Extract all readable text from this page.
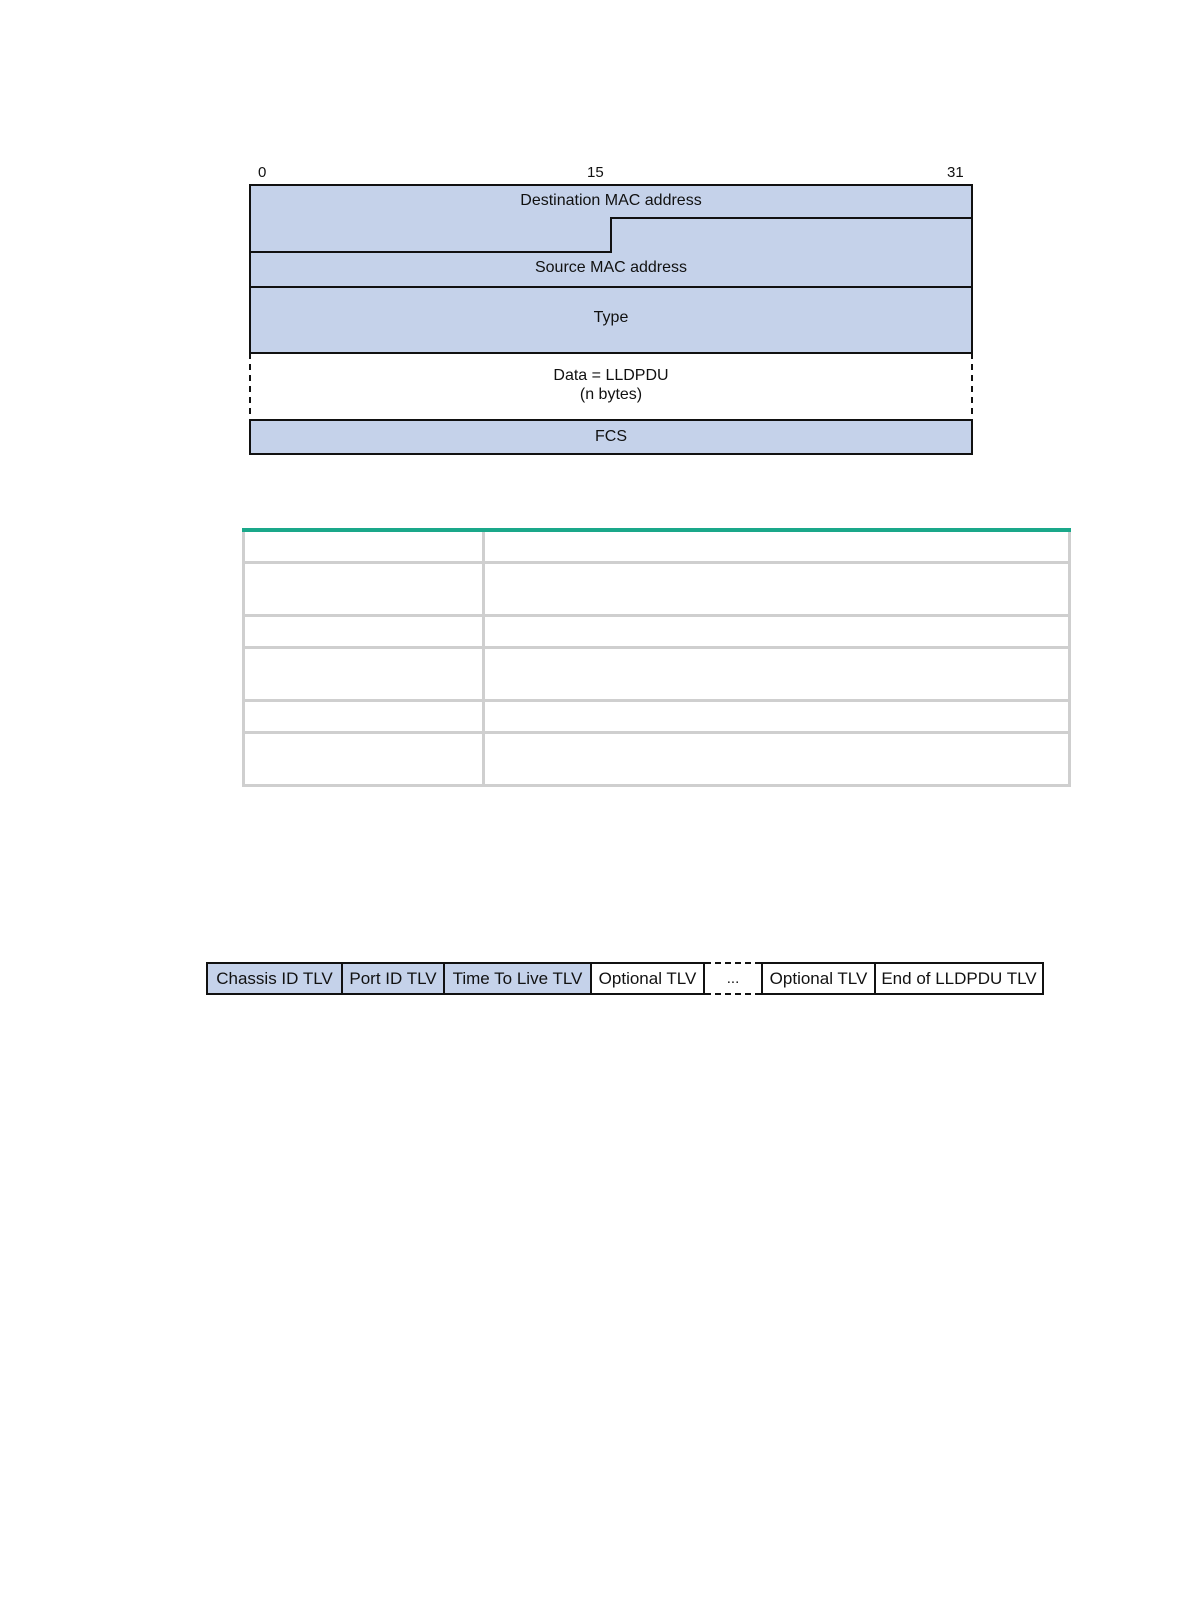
0	15	31
Destination MAC address
Source MAC address
Type
Data = LLDPDU
(n bytes)
FCS

Chassis ID TLV Port ID TLV Time To Live TLV Optional TLV	...	Optional TLV End of LLDPDU TLV
